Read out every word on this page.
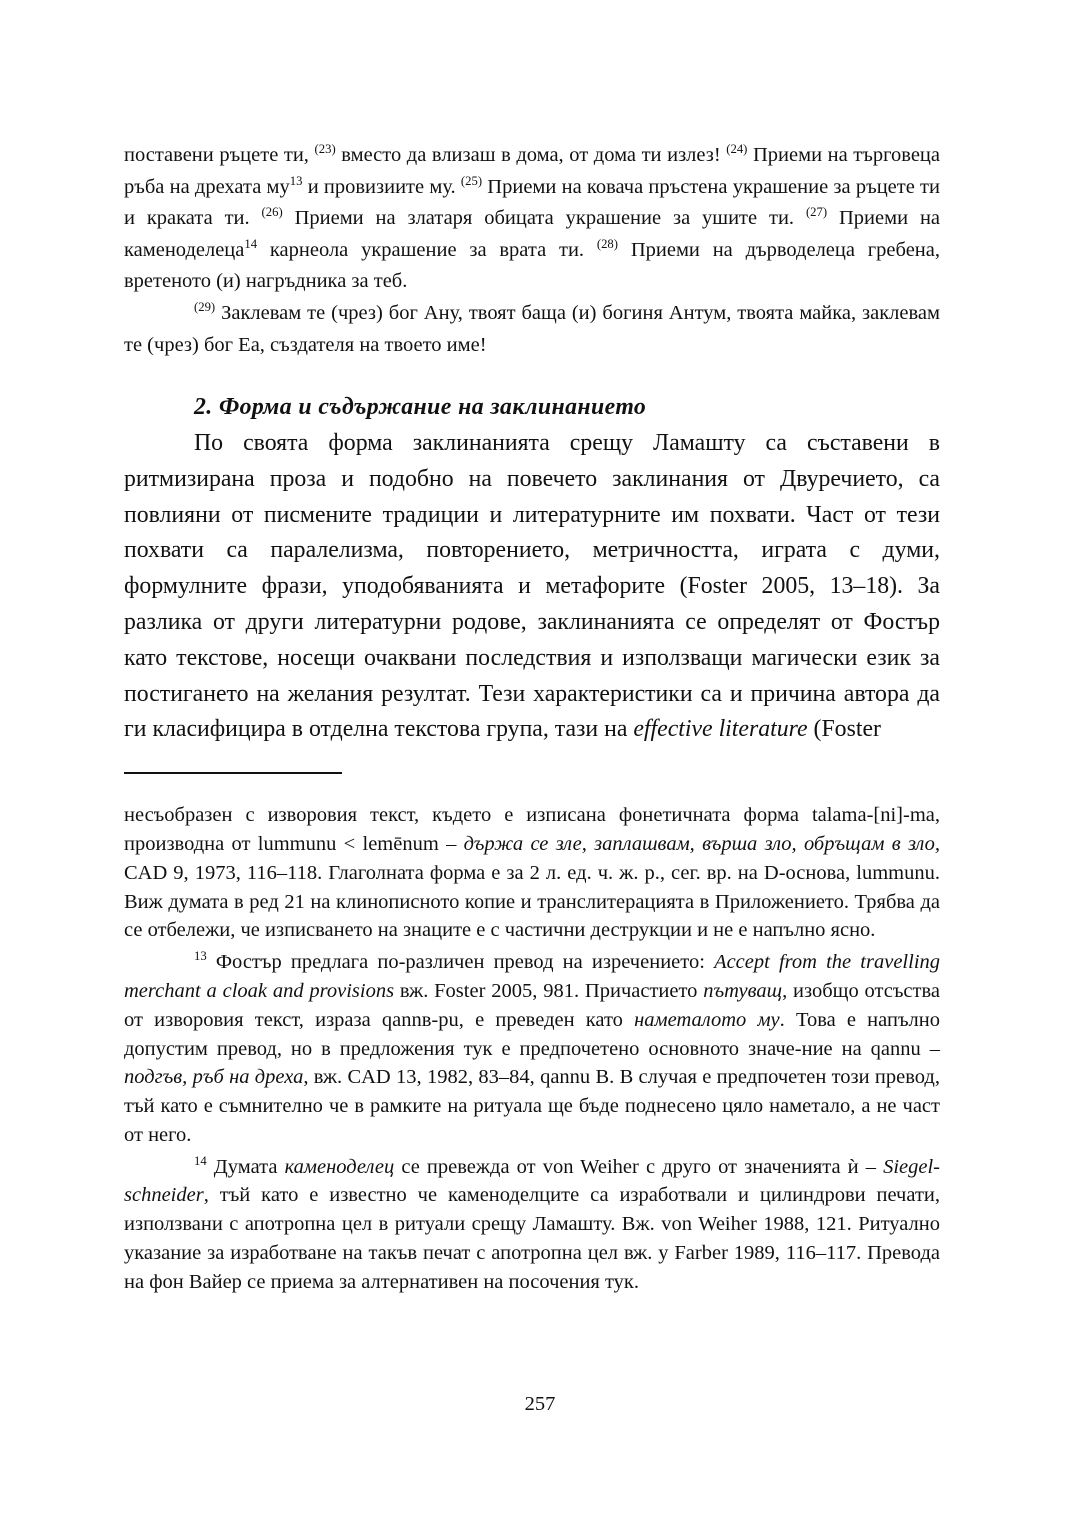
поставени ръцете ти, $^{(23)}$ вместо да влизаш в дома, от дома ти излез! $^{(24)}$ Приеми на търговеца ръба на дрехата $му^{13}$ и провизиите му. $^{(25)}$ Приеми на ковача пръстена украшение за ръцете ти и краката ти. $^{(26)}$ Приеми на златаря обицата украшение за ушите ти. $^{(27)}$ Приеми на каменоделеца$^{14}$ карнеола украшение за врата ти. $^{(28)}$ Приеми на дърводелеца гребена, вретеното (и) нагръдника за теб.

$^{(29)}$ Заклевам те (чрез) бог Ану, твоят баща (и) богиня Антум, твоята майка, заклевам те (чрез) бог Еа, създателя на твоето име!

2. Форма и съдържание на заклинанието

По своята форма заклинанията срещу Ламашту са съставени в ритмизирана проза и подобно на повечето заклинания от Двуречието, са повлияни от писмените традиции и литературните им похвати. Част от тези похвати са паралелизма, повторението, метричността, играта с думи, формулните фрази, уподобяванията и метафорите (Foster 2005, 13–18). За разлика от други литературни родове, заклинанията се определят от Фостър като текстове, носещи очаквани последствия и използващи магически език за постигането на желания резултат. Тези характеристики са и причина автора да ги класифицира в отделна текстова група, тази на effective literature (Foster

несъобразен с изворовия текст, където е изписана фонетичната форма talama-[ni]-ma, производна от lummunu < lemēnum – държа се зле, заплашвам, върша зло, обръщам в зло, CAD 9, 1973, 116–118. Глаголната форма е за 2 л. ед. ч. ж. р., сег. вр. на D-основа, lummunu. Виж думата в ред 21 на клинописното копие и транслитерацията в Приложението. Трябва да се отбележи, че изписването на знаците е с частични деструкции и не е напълно ясно.

$^{13}$ Фостър предлага по-различен превод на изречението: Accept from the travelling merchant a cloak and provisions вж. Foster 2005, 981. Причастието пътуващ, изобщо отсъства от изворовия текст, израза qannв-pu, е преведен като наметалото му. Това е напълно допустим превод, но в предложения тук е предпочетено основното значе-ние на qannu – подгъв, ръб на дреха, вж. CAD 13, 1982, 83–84, qannu B. В случая е предпочетен този превод, тъй като е съмнително че в рамките на ритуала ще бъде поднесено цяло наметало, а не част от него.

$^{14}$ Думата каменоделец се превежда от von Weiher с друго от значенията ѝ – Siegel-schneider, тъй като е известно че каменоделците са изработвали и цилиндрови печати, използвани с апотропна цел в ритуали срещу Ламашту. Вж. von Weiher 1988, 121. Ритуално указание за изработване на такъв печат с апотропна цел вж. у Farber 1989, 116–117. Превода на фон Вайер се приема за алтернативен на посочения тук.

257
